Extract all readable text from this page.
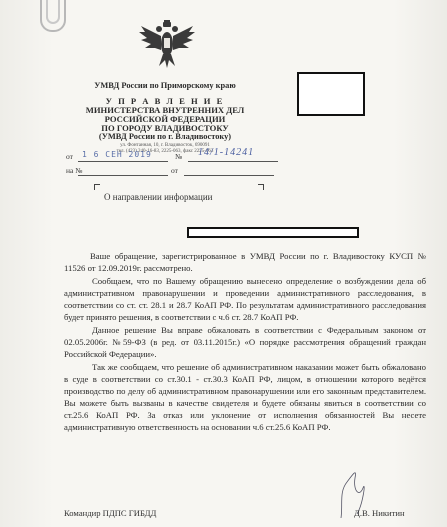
УМВД России по Приморскому краю
У П Р А В Л Е Н И Е
МИНИСТЕРСТВА ВНУТРЕННИХ ДЕЛ
РОССИЙСКОЙ ФЕДЕРАЦИИ
ПО ГОРОДУ ВЛАДИВОСТОКУ
(УМВД России по г. Владивостоку)
ул. Фонтанная, 10, г. Владивосток, 690091
тел. (423) 240-16-83, 2225-063, факс 2225-063
от 1 6 СЕН 2019	№ 14/1-14241
на №	от
О направлении информации

Ваше обращение, зарегистрированное в УМВД России по г. Владивостоку КУСП № 11526 от 12.09.2019г. рассмотрено.

Сообщаем, что по Вашему обращению вынесено определение о возбуждении дела об административном правонарушении и проведении административного расследования, в соответствии со ст. ст. 28.1 и 28.7 КоАП РФ. По результатам административного расследования будет принято решения, в соответствии с ч.6 ст. 28.7 КоАП РФ.

Данное решение Вы вправе обжаловать в соответствии с Федеральным законом от 02.05.2006г. №59-ФЗ (в ред. от 03.11.2015г.) «О порядке рассмотрения обращений граждан Российской Федерации».

Так же сообщаем, что решение об административном наказании может быть обжаловано в суде в соответствии со ст.30.1 - ст.30.3 КоАП РФ, лицом, в отношении которого ведётся производство по делу об административном правонарушении или его законным представителем. Вы можете быть вызваны в качестве свидетеля и будете обязаны явиться в соответствии со ст.25.6 КоАП РФ. За отказ или уклонение от исполнения обязанностей Вы несете административную ответственность на основании ч.6 ст.25.6 КоАП РФ.

Командир ПДПС ГИБДД	Д.В. Никитин
